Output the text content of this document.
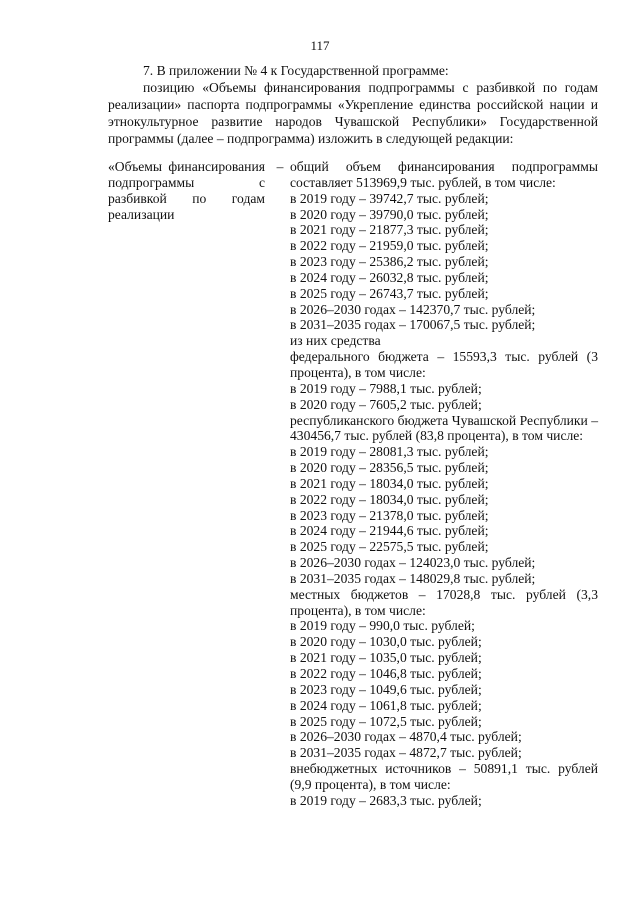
117

7. В приложении № 4 к Государственной программе:

позицию «Объемы финансирования подпрограммы с разбивкой по годам реализации» паспорта подпрограммы «Укрепление единства российской нации и этнокультурное развитие народов Чувашской Республики» Государственной программы (далее – подпрограмма) изложить в следующей редакции:

«Объемы финансирования подпрограммы с разбивкой по годам реализации
– общий объем финансирования подпрограммы составляет 513969,9 тыс. рублей, в том числе:
в 2019 году – 39742,7 тыс. рублей;
в 2020 году – 39790,0 тыс. рублей;
в 2021 году – 21877,3 тыс. рублей;
в 2022 году – 21959,0 тыс. рублей;
в 2023 году – 25386,2 тыс. рублей;
в 2024 году – 26032,8 тыс. рублей;
в 2025 году – 26743,7 тыс. рублей;
в 2026–2030 годах – 142370,7 тыс. рублей;
в 2031–2035 годах – 170067,5 тыс. рублей;
из них средства
федерального бюджета – 15593,3 тыс. рублей (3 процента), в том числе:
в 2019 году – 7988,1 тыс. рублей;
в 2020 году – 7605,2 тыс. рублей;
республиканского бюджета Чувашской Республики – 430456,7 тыс. рублей (83,8 процента), в том числе:
в 2019 году – 28081,3 тыс. рублей;
в 2020 году – 28356,5 тыс. рублей;
в 2021 году – 18034,0 тыс. рублей;
в 2022 году – 18034,0 тыс. рублей;
в 2023 году – 21378,0 тыс. рублей;
в 2024 году – 21944,6 тыс. рублей;
в 2025 году – 22575,5 тыс. рублей;
в 2026–2030 годах – 124023,0 тыс. рублей;
в 2031–2035 годах – 148029,8 тыс. рублей;
местных бюджетов – 17028,8 тыс. рублей (3,3 процента), в том числе:
в 2019 году – 990,0 тыс. рублей;
в 2020 году – 1030,0 тыс. рублей;
в 2021 году – 1035,0 тыс. рублей;
в 2022 году – 1046,8 тыс. рублей;
в 2023 году – 1049,6 тыс. рублей;
в 2024 году – 1061,8 тыс. рублей;
в 2025 году – 1072,5 тыс. рублей;
в 2026–2030 годах – 4870,4 тыс. рублей;
в 2031–2035 годах – 4872,7 тыс. рублей;
внебюджетных источников – 50891,1 тыс. рублей (9,9 процента), в том числе:
в 2019 году – 2683,3 тыс. рублей;
